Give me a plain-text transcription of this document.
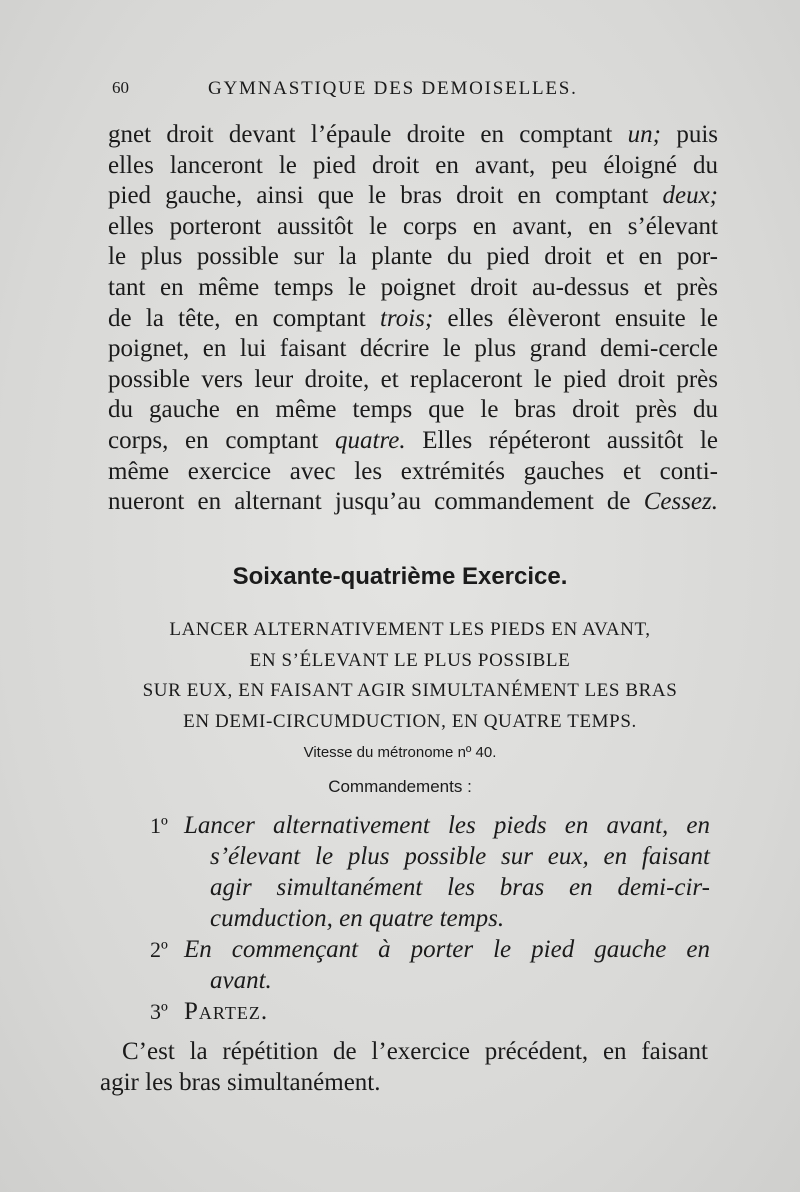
60	GYMNASTIQUE DES DEMOISELLES.
gnet droit devant l’épaule droite en comptant un; puis
elles lanceront le pied droit en avant, peu éloigné du
pied gauche, ainsi que le bras droit en comptant deux;
elles porteront aussitôt le corps en avant, en s’élevant
le plus possible sur la plante du pied droit et en por-
tant en même temps le poignet droit au-dessus et près
de la tête, en comptant trois; elles élèveront ensuite le
poignet, en lui faisant décrire le plus grand demi-cercle
possible vers leur droite, et replaceront le pied droit près
du gauche en même temps que le bras droit près du
corps, en comptant quatre. Elles répéteront aussitôt le
même exercice avec les extrémités gauches et conti-
nueront en alternant jusqu’au commandement de Cessez.
Soixante-quatrième Exercice.
LANCER ALTERNATIVEMENT LES PIEDS EN AVANT,
EN S’ÉLEVANT LE PLUS POSSIBLE
SUR EUX, EN FAISANT AGIR SIMULTANÉMENT LES BRAS
EN DEMI-CIRCUMDUCTION, EN QUATRE TEMPS.
Vitesse du métronome nº 40.
Commandements :
1º Lancer alternativement les pieds en avant, en
s’élevant le plus possible sur eux, en faisant
agir simultanément les bras en demi-cir-
cumduction, en quatre temps.
2º En commençant à porter le pied gauche en
avant.
3º Partez.
C’est la répétition de l’exercice précédent, en faisant
agir les bras simultanément.
